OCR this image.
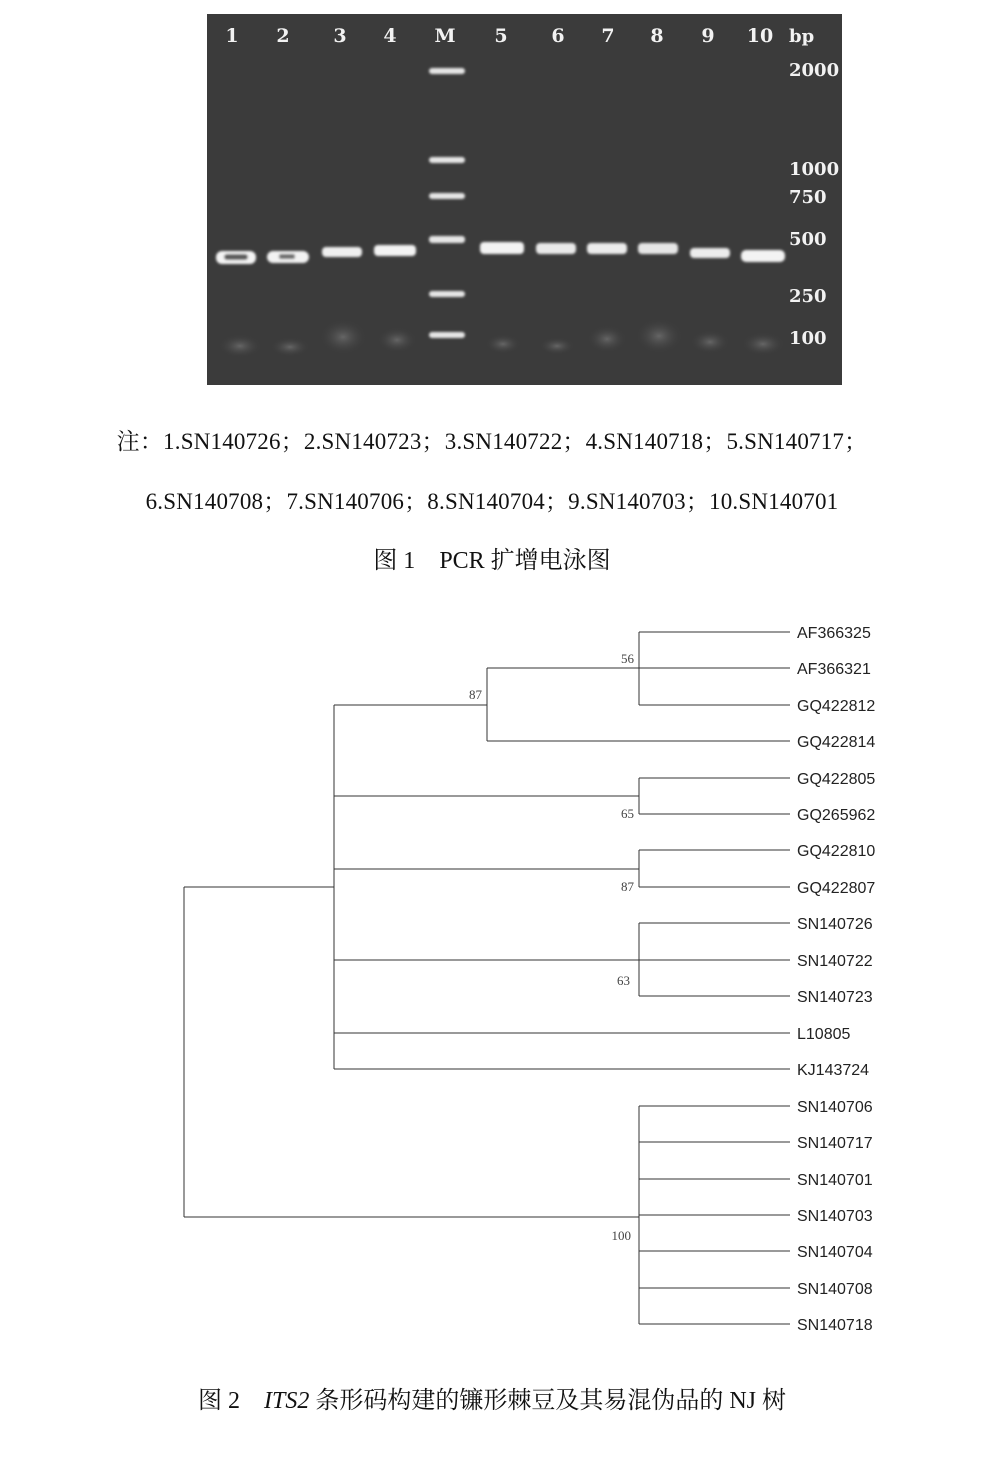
1 2 3 4 M 5 6 7 8 9 10 bp
2000
1000
750
500
250
100
注：1.SN140726；2.SN140723；3.SN140722；4.SN140718；5.SN140717；
6.SN140708；7.SN140706；8.SN140704；9.SN140703；10.SN140701
图 1 PCR 扩增电泳图
56
87
65
87
63
100
AF366325
AF366321
GQ422812
GQ422814
GQ422805
GQ265962
GQ422810
GQ422807
SN140726
SN140722
SN140723
L10805
KJ143724
SN140706
SN140717
SN140701
SN140703
SN140704
SN140708
SN140718
图 2 ITS2 条形码构建的镰形棘豆及其易混伪品的 NJ 树
